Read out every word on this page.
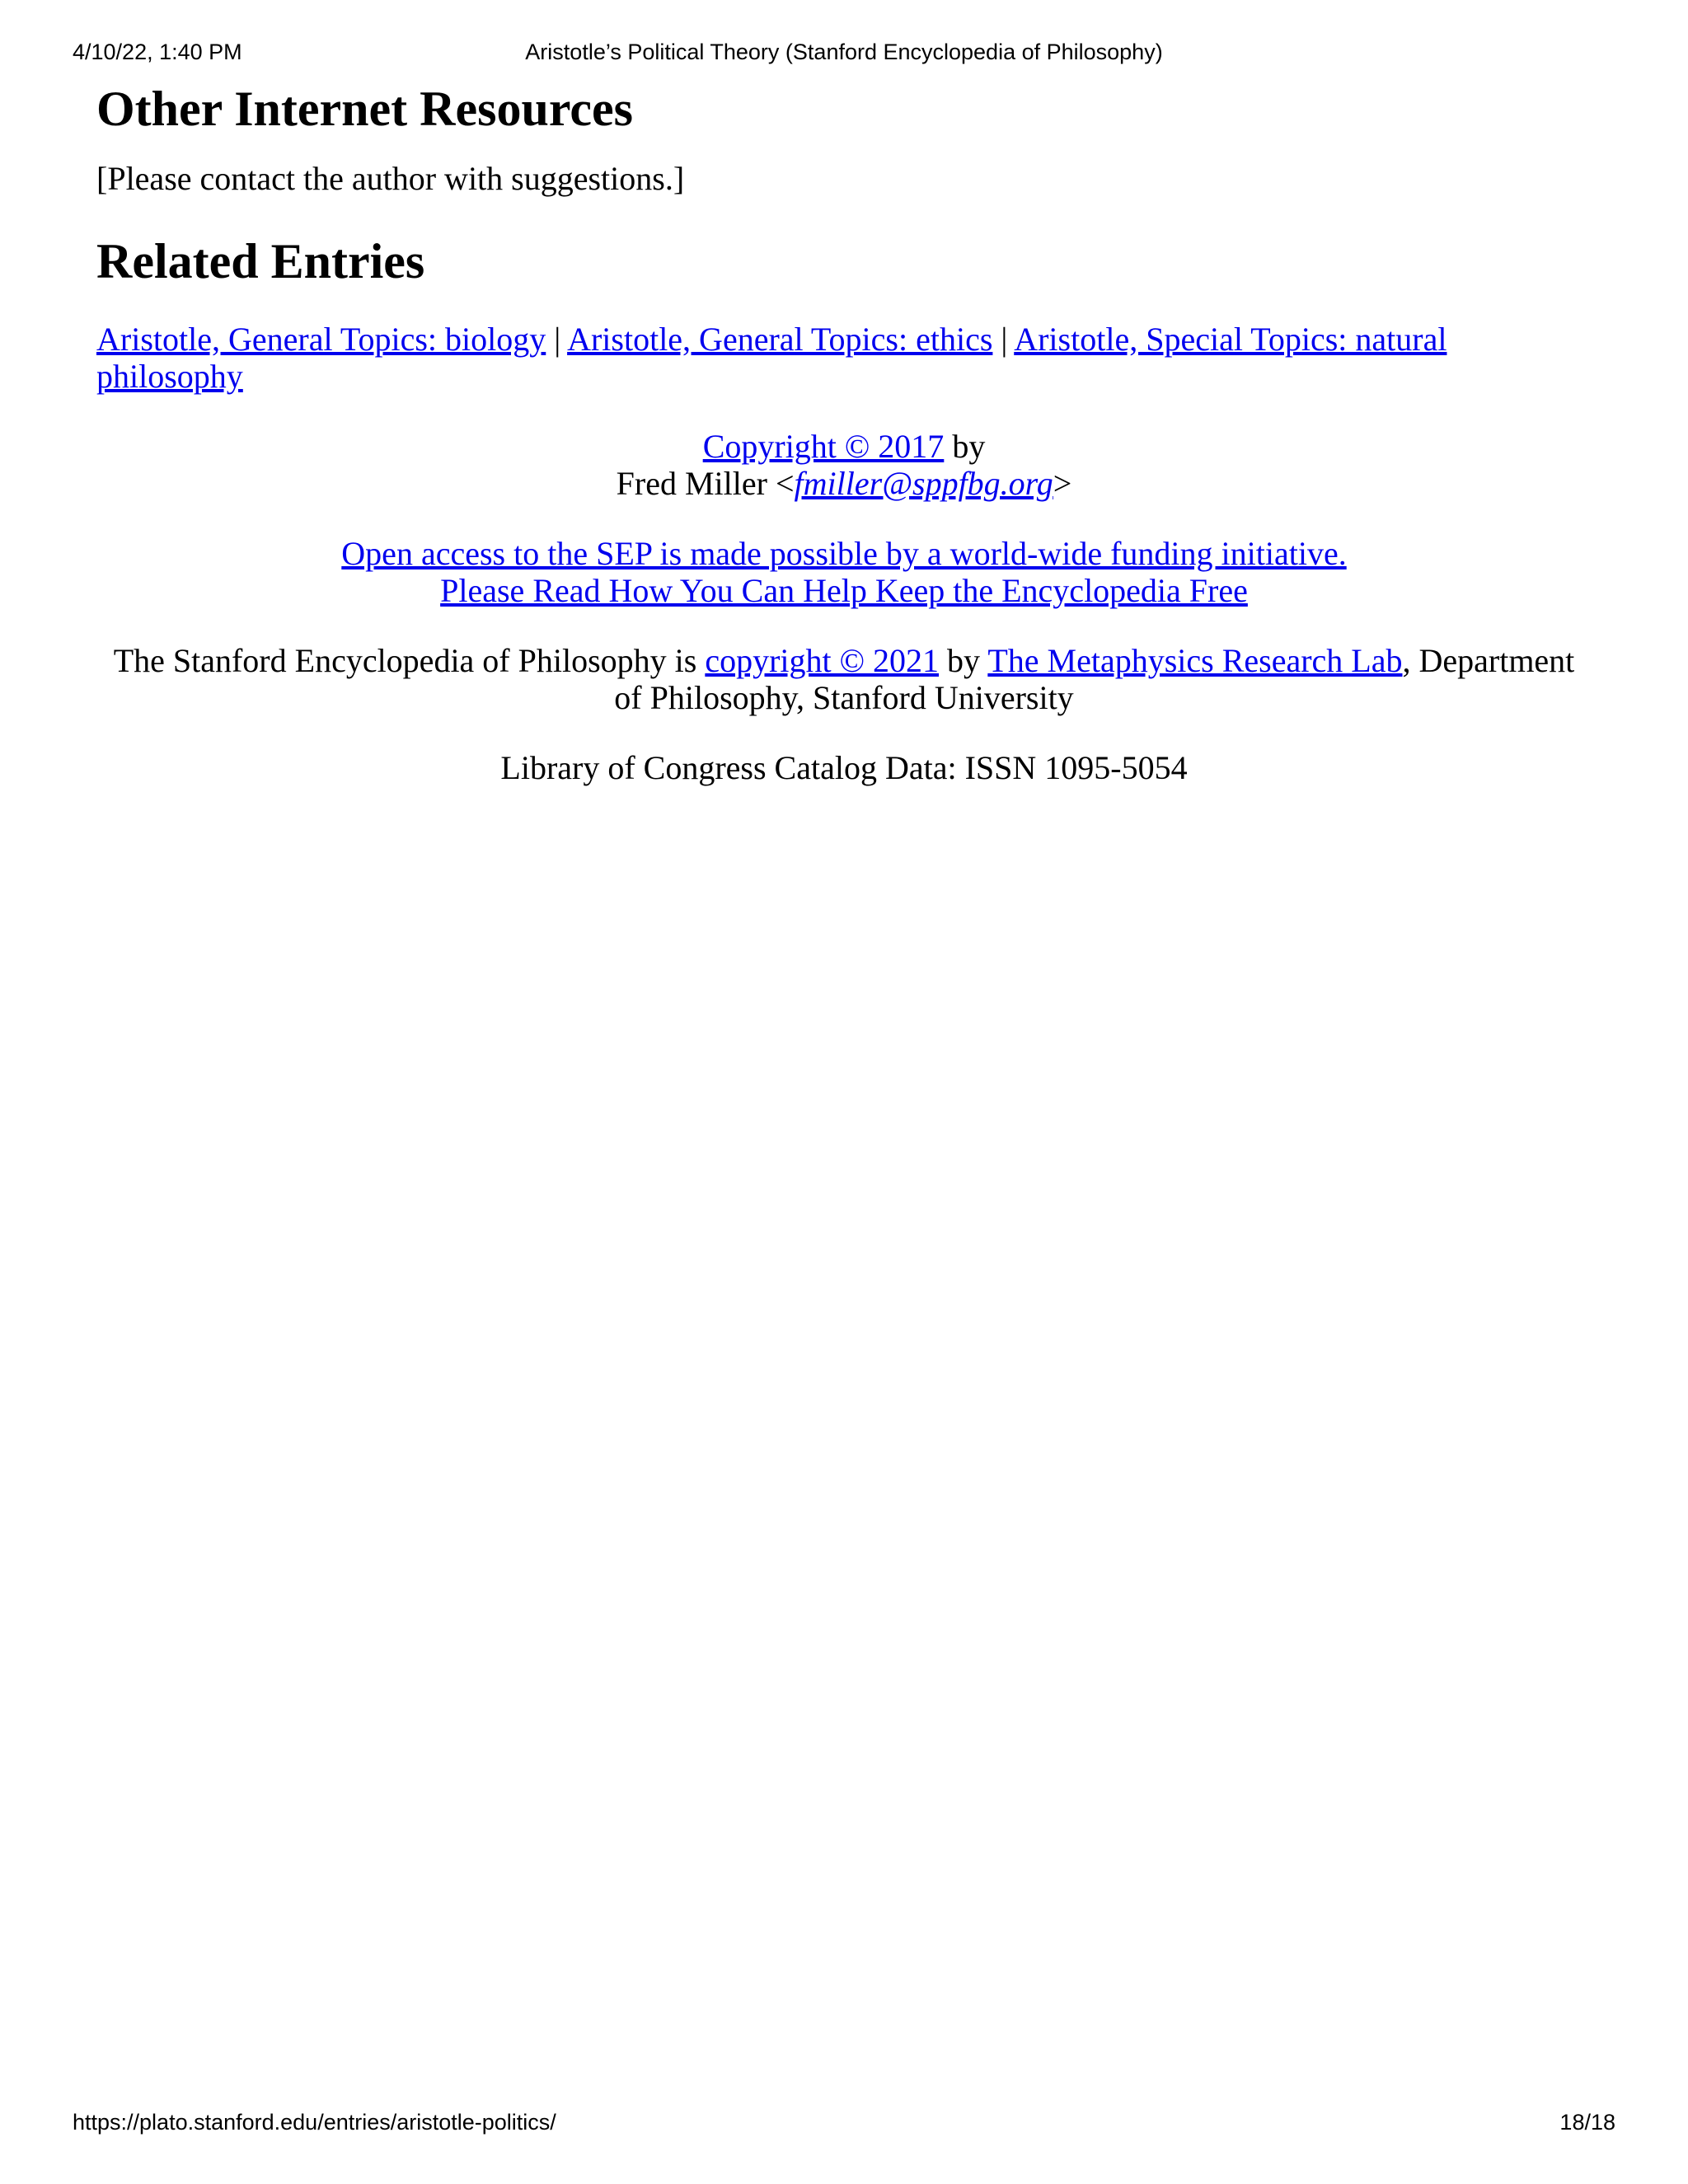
4/10/22, 1:40 PM	Aristotle’s Political Theory (Stanford Encyclopedia of Philosophy)
Other Internet Resources

[Please contact the author with suggestions.]

Related Entries

Aristotle, General Topics: biology | Aristotle, General Topics: ethics | Aristotle, Special Topics: natural philosophy

Copyright © 2017 by
Fred Miller <fmiller@sppfbg.org>

Open access to the SEP is made possible by a world-wide funding initiative.
Please Read How You Can Help Keep the Encyclopedia Free

The Stanford Encyclopedia of Philosophy is copyright © 2021 by The Metaphysics Research Lab, Department of Philosophy, Stanford University

Library of Congress Catalog Data: ISSN 1095-5054

https://plato.stanford.edu/entries/aristotle-politics/	18/18
